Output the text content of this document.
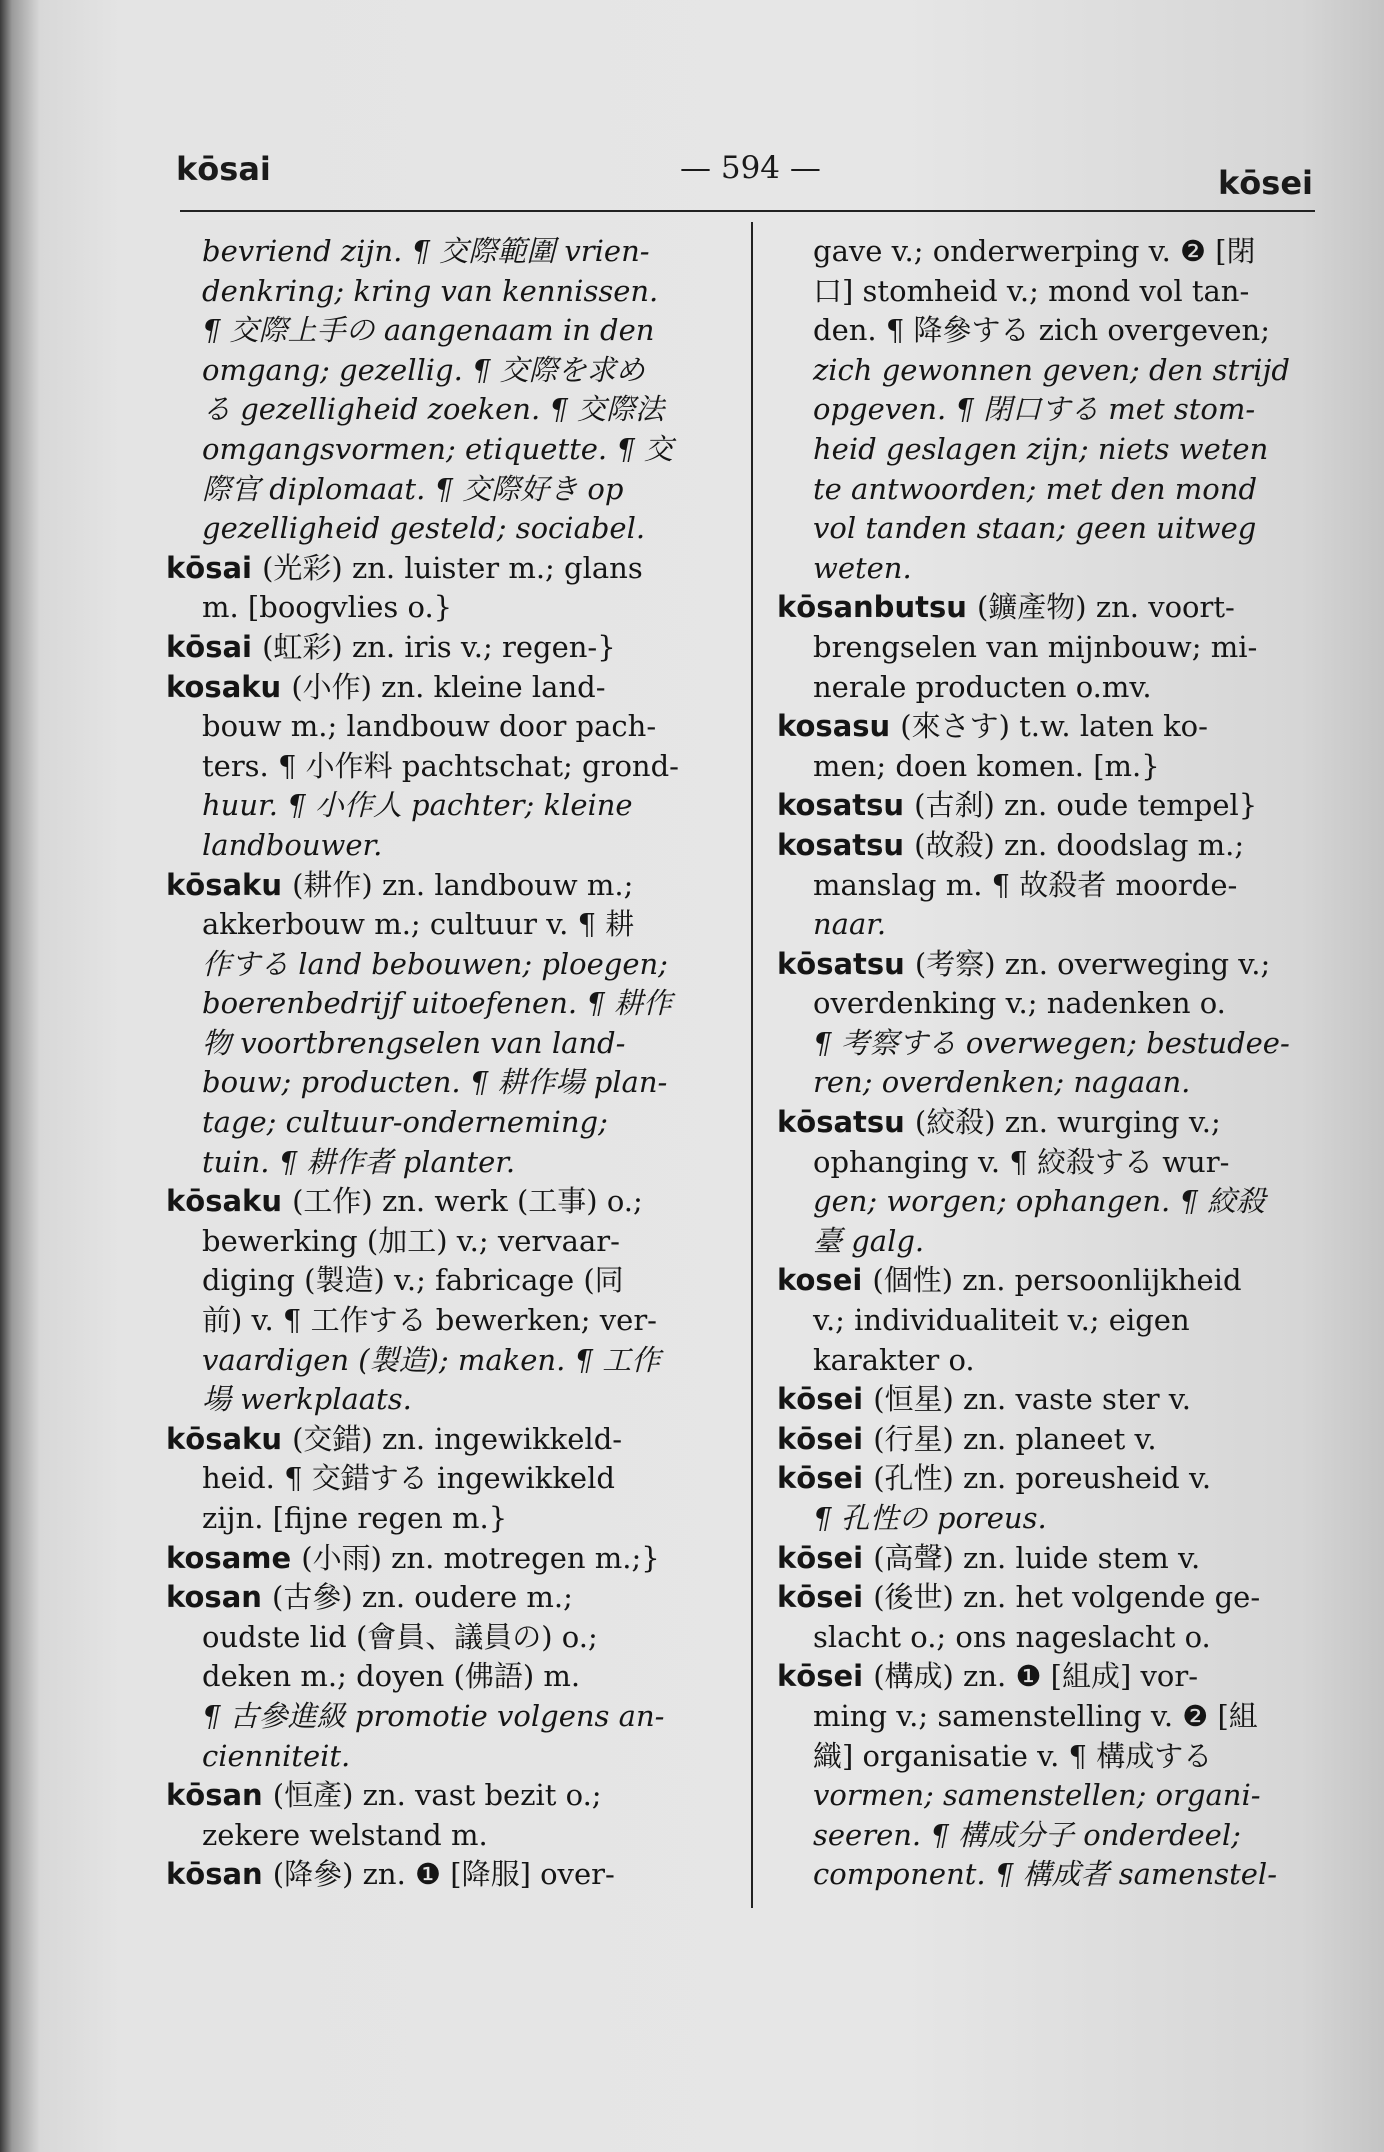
kōsai	— 594 —	kōsei
bevriend zijn. ¶ 交際範圍 vrien-
denkring; kring van kennissen.
¶ 交際上手の aangenaam in den
omgang; gezellig. ¶ 交際を求め
る gezelligheid zoeken. ¶ 交際法
omgangsvormen; etiquette. ¶ 交
際官 diplomaat. ¶ 交際好き op
gezelligheid gesteld; sociabel.
kōsai (光彩) zn. luister m.; glans
m. [boogvlies o.}
kōsai (虹彩) zn. iris v.; regen-}
kosaku (小作) zn. kleine land-
bouw m.; landbouw door pach-
ters. ¶ 小作料 pachtschat; grond-
huur. ¶ 小作人 pachter; kleine
landbouwer.
kōsaku (耕作) zn. landbouw m.;
akkerbouw m.; cultuur v. ¶ 耕
作する land bebouwen; ploegen;
boerenbedrijf uitoefenen. ¶ 耕作
物 voortbrengselen van land-
bouw; producten. ¶ 耕作場 plan-
tage; cultuur-onderneming;
tuin. ¶ 耕作者 planter.
kōsaku (工作) zn. werk (工事) o.;
bewerking (加工) v.; vervaar-
diging (製造) v.; fabricage (同
前) v. ¶ 工作する bewerken; ver-
vaardigen (製造); maken. ¶ 工作
場 werkplaats.
kōsaku (交錯) zn. ingewikkeld-
heid. ¶ 交錯する ingewikkeld
zijn. [fijne regen m.}
kosame (小雨) zn. motregen m.;}
kosan (古參) zn. oudere m.;
oudste lid (會員、議員の) o.;
deken m.; doyen (佛語) m.
¶ 古參進級 promotie volgens an-
cienniteit.
kōsan (恒產) zn. vast bezit o.;
zekere welstand m.
kōsan (降參) zn. ❶ [降服] over-
gave v.; onderwerping v. ❷ [閉
口] stomheid v.; mond vol tan-
den. ¶ 降參する zich overgeven;
zich gewonnen geven; den strijd
opgeven. ¶ 閉口する met stom-
heid geslagen zijn; niets weten
te antwoorden; met den mond
vol tanden staan; geen uitweg
weten.
kōsanbutsu (鑛產物) zn. voort-
brengselen van mijnbouw; mi-
nerale producten o.mv.
kosasu (來さす) t.w. laten ko-
men; doen komen. [m.}
kosatsu (古刹) zn. oude tempel}
kosatsu (故殺) zn. doodslag m.;
manslag m. ¶ 故殺者 moorde-
naar.
kōsatsu (考察) zn. overweging v.;
overdenking v.; nadenken o.
¶ 考察する overwegen; bestudee-
ren; overdenken; nagaan.
kōsatsu (絞殺) zn. wurging v.;
ophanging v. ¶ 絞殺する wur-
gen; worgen; ophangen. ¶ 絞殺
臺 galg.
kosei (個性) zn. persoonlijkheid
v.; individualiteit v.; eigen
karakter o.
kōsei (恒星) zn. vaste ster v.
kōsei (行星) zn. planeet v.
kōsei (孔性) zn. poreusheid v.
¶ 孔性の poreus.
kōsei (高聲) zn. luide stem v.
kōsei (後世) zn. het volgende ge-
slacht o.; ons nageslacht o.
kōsei (構成) zn. ❶ [組成] vor-
ming v.; samenstelling v. ❷ [組
織] organisatie v. ¶ 構成する
vormen; samenstellen; organi-
seeren. ¶ 構成分子 onderdeel;
component. ¶ 構成者 samenstel-
